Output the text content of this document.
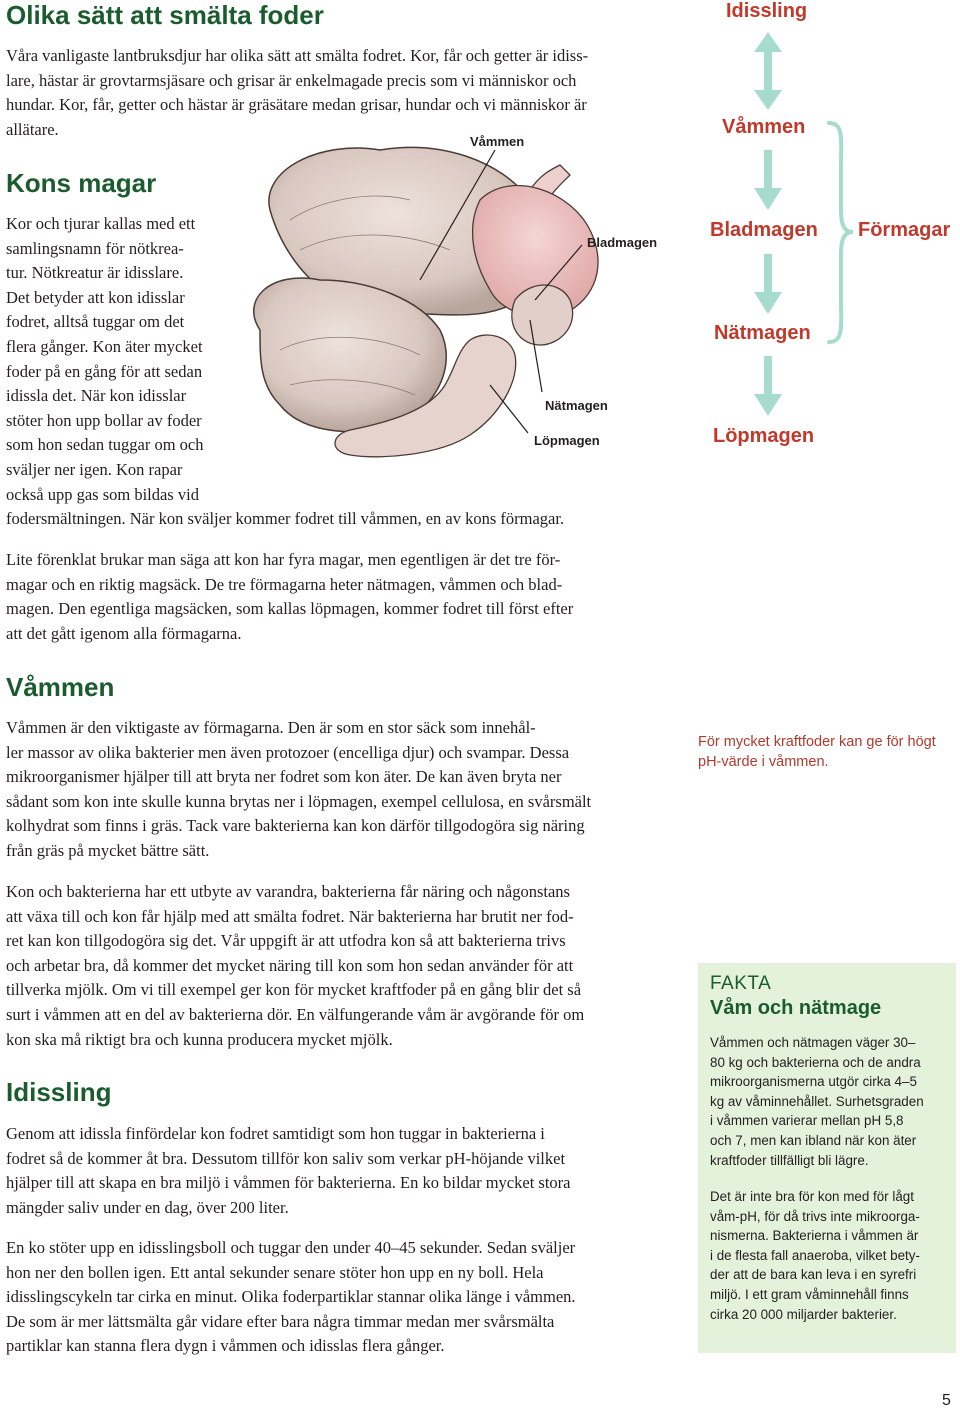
Olika sätt att smälta foder

Våra vanligaste lantbruksdjur har olika sätt att smälta fodret. Kor, får och getter är idiss-

lare, hästar är grovtarmsjäsare och grisar är enkelmagade precis som vi människor och

hundar. Kor, får, getter och hästar är gräsätare medan grisar, hundar och vi människor är

allätare.

Kons magar

Kor och tjurar kallas med ett

samlingsnamn för nötkrea-

tur. Nötkreatur är idisslare.

Det betyder att kon idisslar

fodret, alltså tuggar om det

flera gånger. Kon äter mycket

foder på en gång för att sedan

idissla det. När kon idisslar

stöter hon upp bollar av foder

som hon sedan tuggar om och

sväljer ner igen. Kon rapar

också upp gas som bildas vid

fodersmältningen. När kon sväljer kommer fodret till våmmen, en av kons förmagar.

Våmmen
Bladmagen
Nätmagen
Löpmagen
Idissling
Våmmen
Bladmagen
Nätmagen
Löpmagen
Förmagar

Lite förenklat brukar man säga att kon har fyra magar, men egentligen är det tre för-

magar och en riktig magsäck. De tre förmagarna heter nätmagen, våmmen och blad-

magen. Den egentliga magsäcken, som kallas löpmagen, kommer fodret till först efter

att det gått igenom alla förmagarna.

Våmmen

Våmmen är den viktigaste av förmagarna. Den är som en stor säck som innehål-

ler massor av olika bakterier men även protozoer (encelliga djur) och svampar. Dessa

mikroorganismer hjälper till att bryta ner fodret som kon äter. De kan även bryta ner

sådant som kon inte skulle kunna brytas ner i löpmagen, exempel cellulosa, en svårsmält

kolhydrat som finns i gräs. Tack vare bakterierna kan kon därför tillgodogöra sig näring

från gräs på mycket bättre sätt.

Kon och bakterierna har ett utbyte av varandra, bakterierna får näring och någonstans

att växa till och kon får hjälp med att smälta fodret. När bakterierna har brutit ner fod-

ret kan kon tillgodogöra sig det. Vår uppgift är att utfodra kon så att bakterierna trivs

och arbetar bra, då kommer det mycket näring till kon som hon sedan använder för att

tillverka mjölk. Om vi till exempel ger kon för mycket kraftfoder på en gång blir det så

surt i våmmen att en del av bakterierna dör. En välfungerande våm är avgörande för om

kon ska må riktigt bra och kunna producera mycket mjölk.

För mycket kraftfoder kan ge för högt
pH-värde i våmmen.
Idissling

Genom att idissla finfördelar kon fodret samtidigt som hon tuggar in bakterierna i

fodret så de kommer åt bra. Dessutom tillför kon saliv som verkar pH-höjande vilket

hjälper till att skapa en bra miljö i våmmen för bakterierna. En ko bildar mycket stora

mängder saliv under en dag, över 200 liter.

En ko stöter upp en idisslingsboll och tuggar den under 40–45 sekunder. Sedan sväljer

hon ner den bollen igen. Ett antal sekunder senare stöter hon upp en ny boll. Hela

idisslingscykeln tar cirka en minut. Olika foderpartiklar stannar olika länge i våmmen.

De som är mer lättsmälta går vidare efter bara några timmar medan mer svårsmälta

partiklar kan stanna flera dygn i våmmen och idisslas flera gånger.

FAKTA
Våm och nätmage

Våmmen och nätmagen väger 30–

80 kg och bakterierna och de andra

mikroorganismerna utgör cirka 4–5

kg av våminnehållet. Surhetsgraden

i våmmen varierar mellan pH 5,8

och 7, men kan ibland när kon äter

kraftfoder tillfälligt bli lägre.

Det är inte bra för kon med för lågt

våm-pH, för då trivs inte mikroorga-

nismerna. Bakterierna i våmmen är

i de flesta fall anaeroba, vilket bety-

der att de bara kan leva i en syrefri

miljö. I ett gram våminnehåll finns

cirka 20 000 miljarder bakterier.

5
